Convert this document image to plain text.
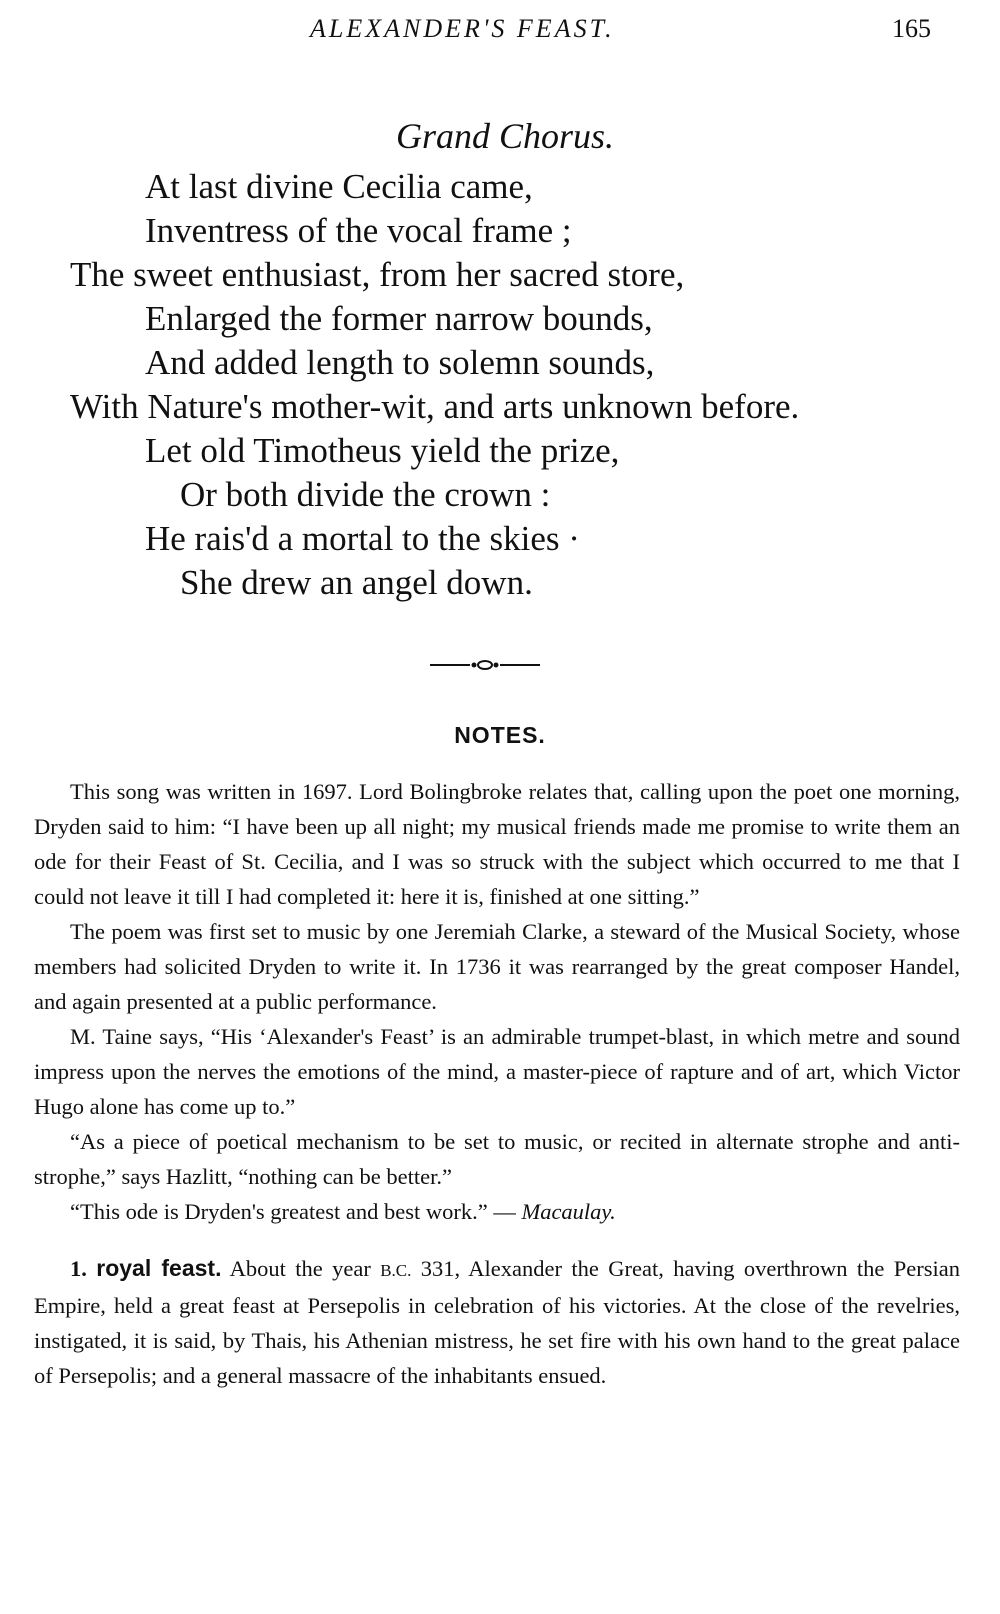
ALEXANDER'S FEAST.	165
Grand Chorus.
At last divine Cecilia came,
Inventress of the vocal frame ;
The sweet enthusiast, from her sacred store,
Enlarged the former narrow bounds,
And added length to solemn sounds,
With Nature's mother-wit, and arts unknown before.
Let old Timotheus yield the prize,
Or both divide the crown :
He rais'd a mortal to the skies ·
She drew an angel down.
NOTES.

This song was written in 1697. Lord Bolingbroke relates that, calling upon the poet one morning, Dryden said to him: “I have been up all night; my musical friends made me promise to write them an ode for their Feast of St. Cecilia, and I was so struck with the subject which occurred to me that I could not leave it till I had completed it: here it is, finished at one sitting.”

The poem was first set to music by one Jeremiah Clarke, a steward of the Musical Society, whose members had solicited Dryden to write it. In 1736 it was rearranged by the great composer Handel, and again presented at a public performance.

M. Taine says, “His ‘Alexander's Feast’ is an admirable trumpet-blast, in which metre and sound impress upon the nerves the emotions of the mind, a master-piece of rapture and of art, which Victor Hugo alone has come up to.”

“As a piece of poetical mechanism to be set to music, or recited in alternate strophe and anti-strophe,” says Hazlitt, “nothing can be better.”

“This ode is Dryden's greatest and best work.” — Macaulay.

1. royal feast. About the year B.C. 331, Alexander the Great, having overthrown the Persian Empire, held a great feast at Persepolis in celebration of his victories. At the close of the revelries, instigated, it is said, by Thais, his Athenian mistress, he set fire with his own hand to the great palace of Persepolis; and a general massacre of the inhabitants ensued.
